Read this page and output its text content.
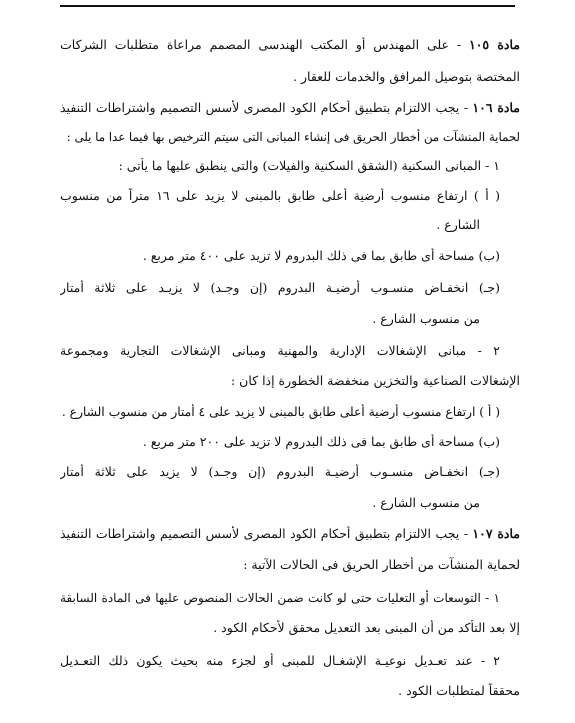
مادة ١٠٥ - على المهندس أو المكتب الهندسى المصمم مراعاة متطلبات الشركات
المختصة بتوصيل المرافق والخدمات للعقار .
مادة ١٠٦ - يجب الالتزام بتطبيق أحكام الكود المصرى لأسس التصميم واشتراطات التنفيذ
لحماية المنشآت من أخطار الحريق فى إنشاء المبانى التى سيتم الترخيص بها فيما عدا ما يلى :
١ - المبانى السكنية (الشقق السكنية والفيلات) والتى ينطبق عليها ما يأتى :
( أ ) ارتفاع منسوب أرضية أعلى طابق بالمبنى لا يزيد على ١٦ متراً من منسوب
الشارع .
(ب) مساحة أى طابق بما فى ذلك البدروم لا تزيد على ٤٠٠ متر مربع .
(جـ) انخفـاض منسـوب أرضيـة البدروم (إن وجـد) لا يزيـد على ثلاثة أمتار
من منسوب الشارع .
٢ - مبانى الإشغالات الإدارية والمهنية ومبانى الإشغالات التجارية ومجموعة
الإشغالات الصناعية والتخزين منخفضة الخطورة إذا كان :
( أ ) ارتفاع منسوب أرضية أعلى طابق بالمبنى لا يزيد على ٤ أمتار من منسوب الشارع .
(ب) مساحة أى طابق بما فى ذلك البدروم لا تزيد على ٢٠٠ متر مربع .
(جـ) انخفـاض منسـوب أرضيـة البدروم (إن وجـد) لا يزيد على ثلاثة أمتار
من منسوب الشارع .
مادة ١٠٧ - يجب الالتزام بتطبيق أحكام الكود المصرى لأسس التصميم واشتراطات التنفيذ
لحماية المنشآت من أخطار الحريق فى الحالات الآتية :
١ - التوسعات أو التعليات حتى لو كانت ضمن الحالات المنصوص عليها فى المادة السابقة
إلا بعد التأكد من أن المبنى بعد التعديل محقق لأحكام الكود .
٢ - عند تعـديل نوعيـة الإشغـال للمبنى أو لجزء منه بحيث يكون ذلك التعـديل
محققاً لمتطلبات الكود .
